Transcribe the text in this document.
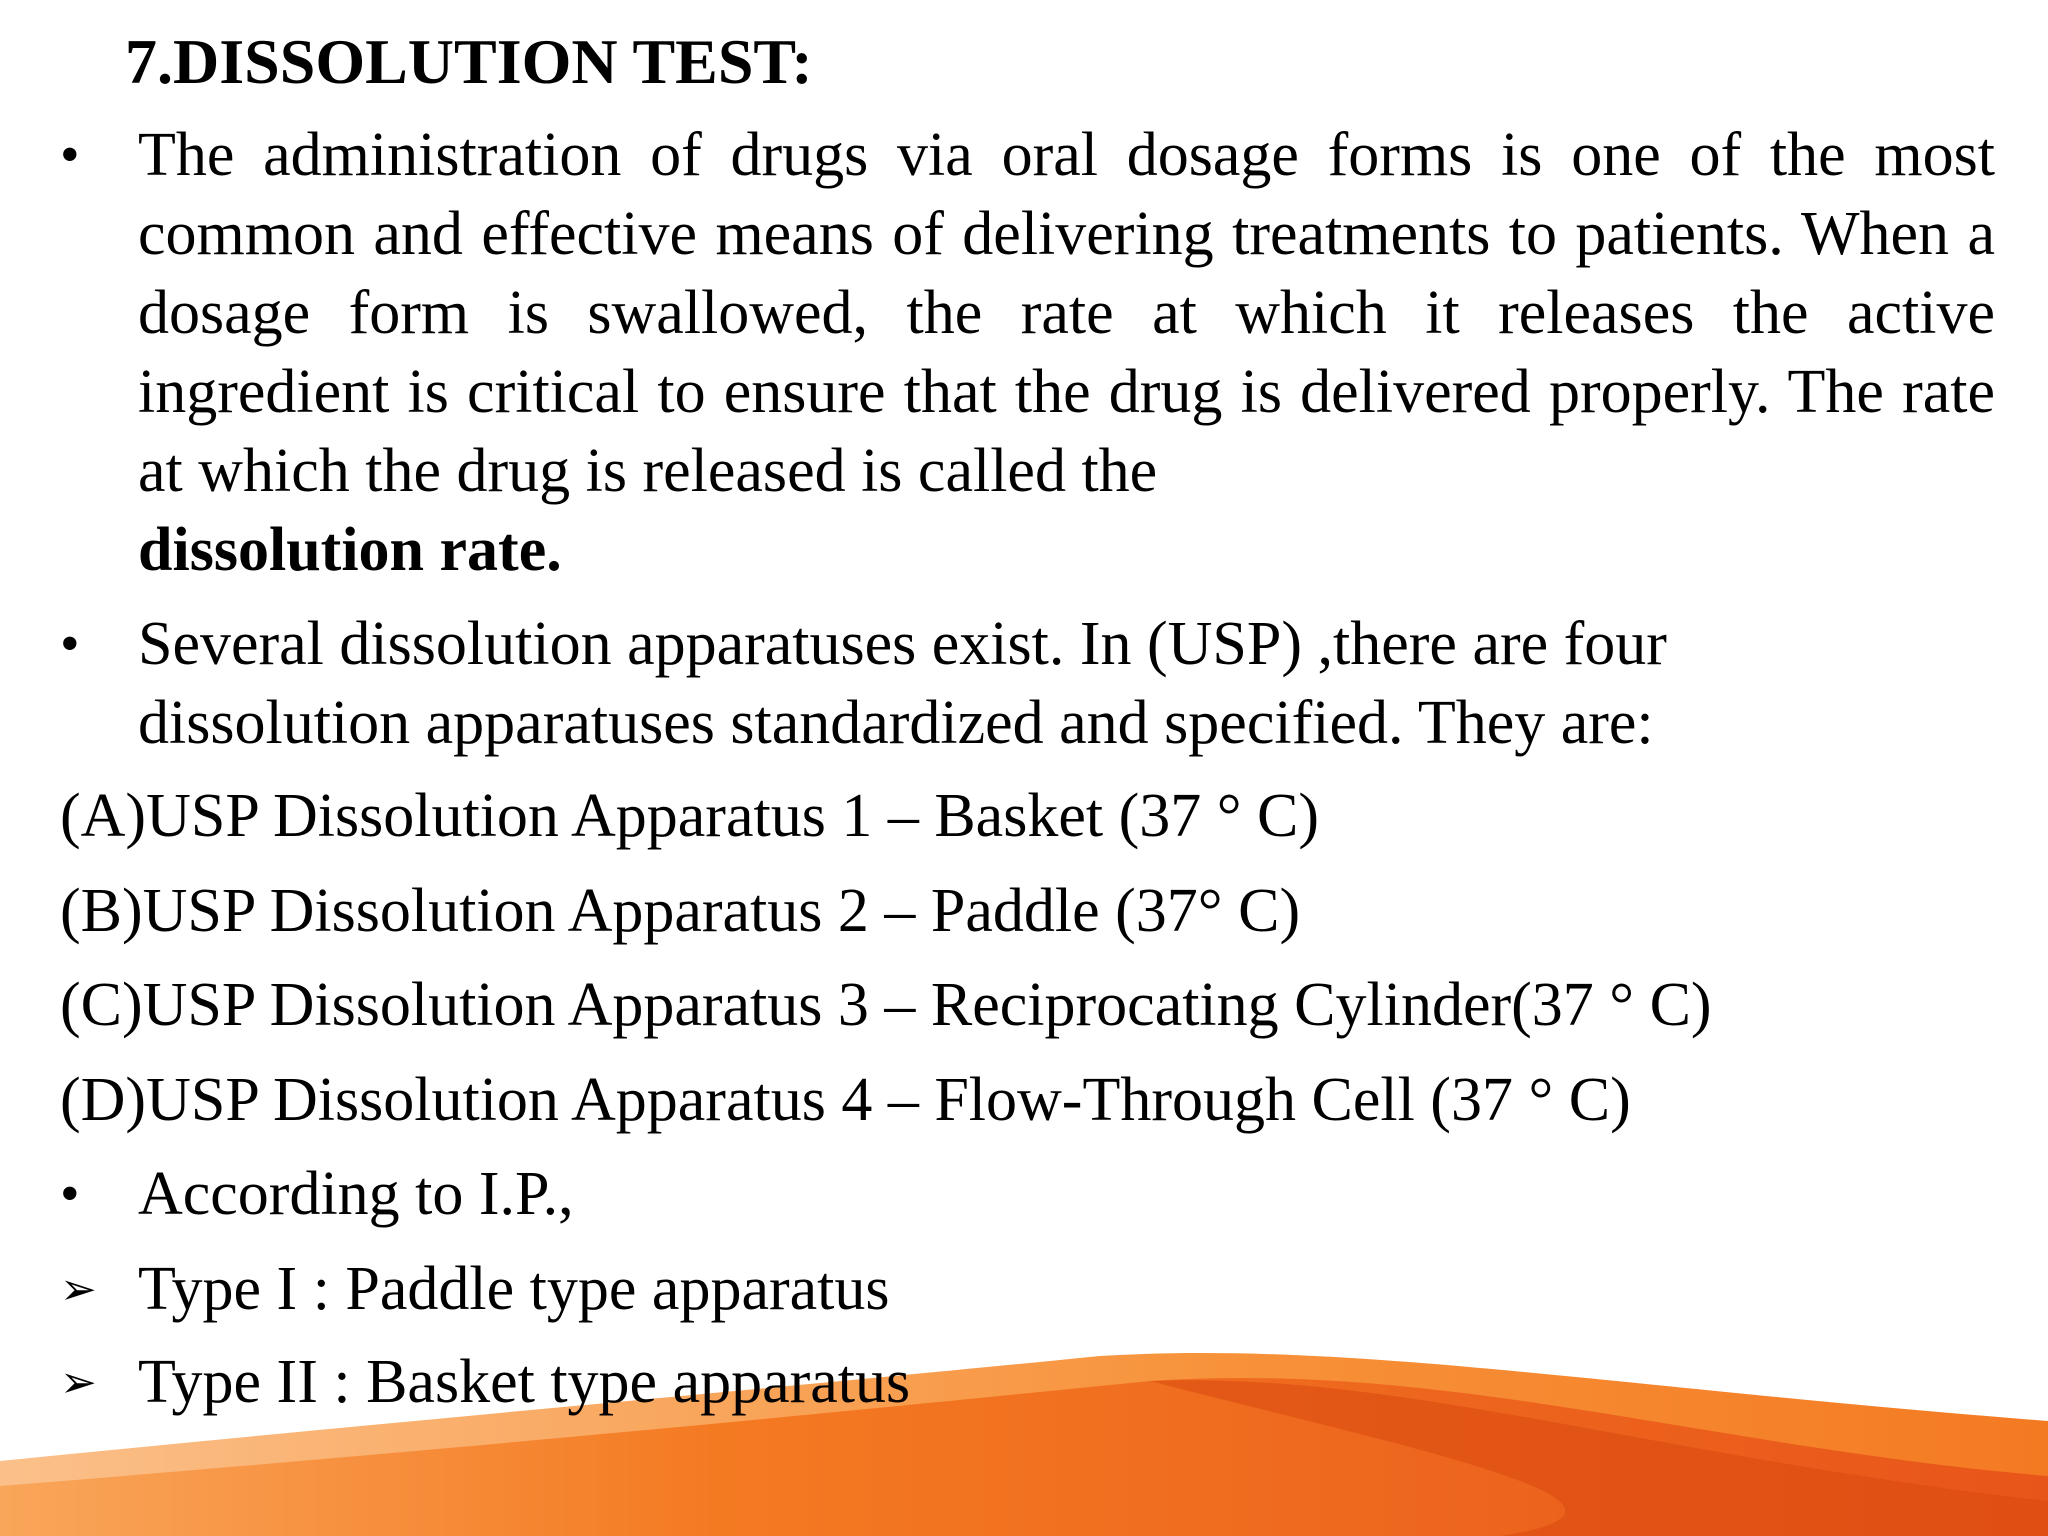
7.DISSOLUTION TEST:
• The administration of drugs via oral dosage forms is one of the most common and effective means of delivering treatments to patients. When a dosage form is swallowed, the rate at which it releases the active ingredient is critical to ensure that the drug is delivered properly. The rate at which the drug is released is called the
dissolution rate.

• Several dissolution apparatuses exist. In (USP) ,there are four dissolution apparatuses standardized and specified. They are:

(A)USP Dissolution Apparatus 1 – Basket (37 ° C)
(B)USP Dissolution Apparatus 2 – Paddle (37° C)
(C)USP Dissolution Apparatus 3 – Reciprocating Cylinder(37 ° C)
(D)USP Dissolution Apparatus 4 – Flow-Through Cell (37 ° C)
• According to I.P.,

➢ Type I : Paddle type apparatus
➢ Type II : Basket type apparatus
